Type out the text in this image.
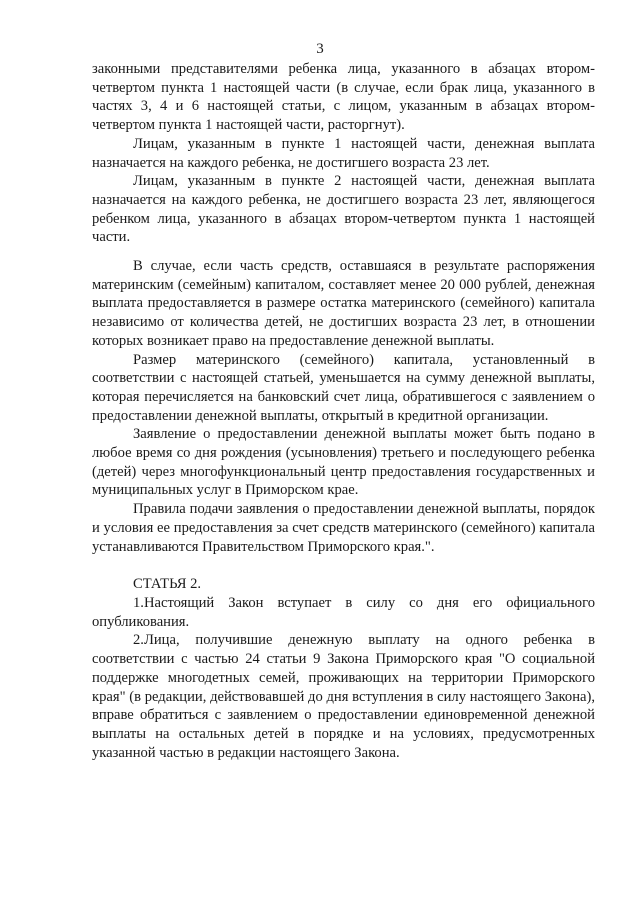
3

законными представителями ребенка лица, указанного в абзацах втором-четвертом пункта 1 настоящей части (в случае, если брак лица, указанного в частях 3, 4 и 6 настоящей статьи, с лицом, указанным в абзацах втором-четвертом пункта 1 настоящей части, расторгнут).

Лицам, указанным в пункте 1 настоящей части, денежная выплата назначается на каждого ребенка, не достигшего возраста 23 лет.

Лицам, указанным в пункте 2 настоящей части, денежная выплата назначается на каждого ребенка, не достигшего возраста 23 лет, являющегося ребенком лица, указанного в абзацах втором-четвертом пункта 1 настоящей части.

В случае, если часть средств, оставшаяся в результате распоряжения материнским (семейным) капиталом, составляет менее 20 000 рублей, денежная выплата предоставляется в размере остатка материнского (семейного) капитала независимо от количества детей, не достигших возраста 23 лет, в отношении которых возникает право на предоставление денежной выплаты.

Размер материнского (семейного) капитала, установленный в соответствии с настоящей статьей, уменьшается на сумму денежной выплаты, которая перечисляется на банковский счет лица, обратившегося с заявлением о предоставлении денежной выплаты, открытый в кредитной организации.

Заявление о предоставлении денежной выплаты может быть подано в любое время со дня рождения (усыновления) третьего и последующего ребенка (детей) через многофункциональный центр предоставления государственных и муниципальных услуг в Приморском крае.

Правила подачи заявления о предоставлении денежной выплаты, порядок и условия ее предоставления за счет средств материнского (семейного) капитала устанавливаются Правительством Приморского края.".

СТАТЬЯ 2.

1.Настоящий Закон вступает в силу со дня его официального опубликования.

2.Лица, получившие денежную выплату на одного ребенка в соответствии с частью 24 статьи 9 Закона Приморского края "О социальной поддержке многодетных семей, проживающих на территории Приморского края" (в редакции, действовавшей до дня вступления в силу настоящего Закона), вправе обратиться с заявлением о предоставлении единовременной денежной выплаты на остальных детей в порядке и на условиях, предусмотренных указанной частью в редакции настоящего Закона.
